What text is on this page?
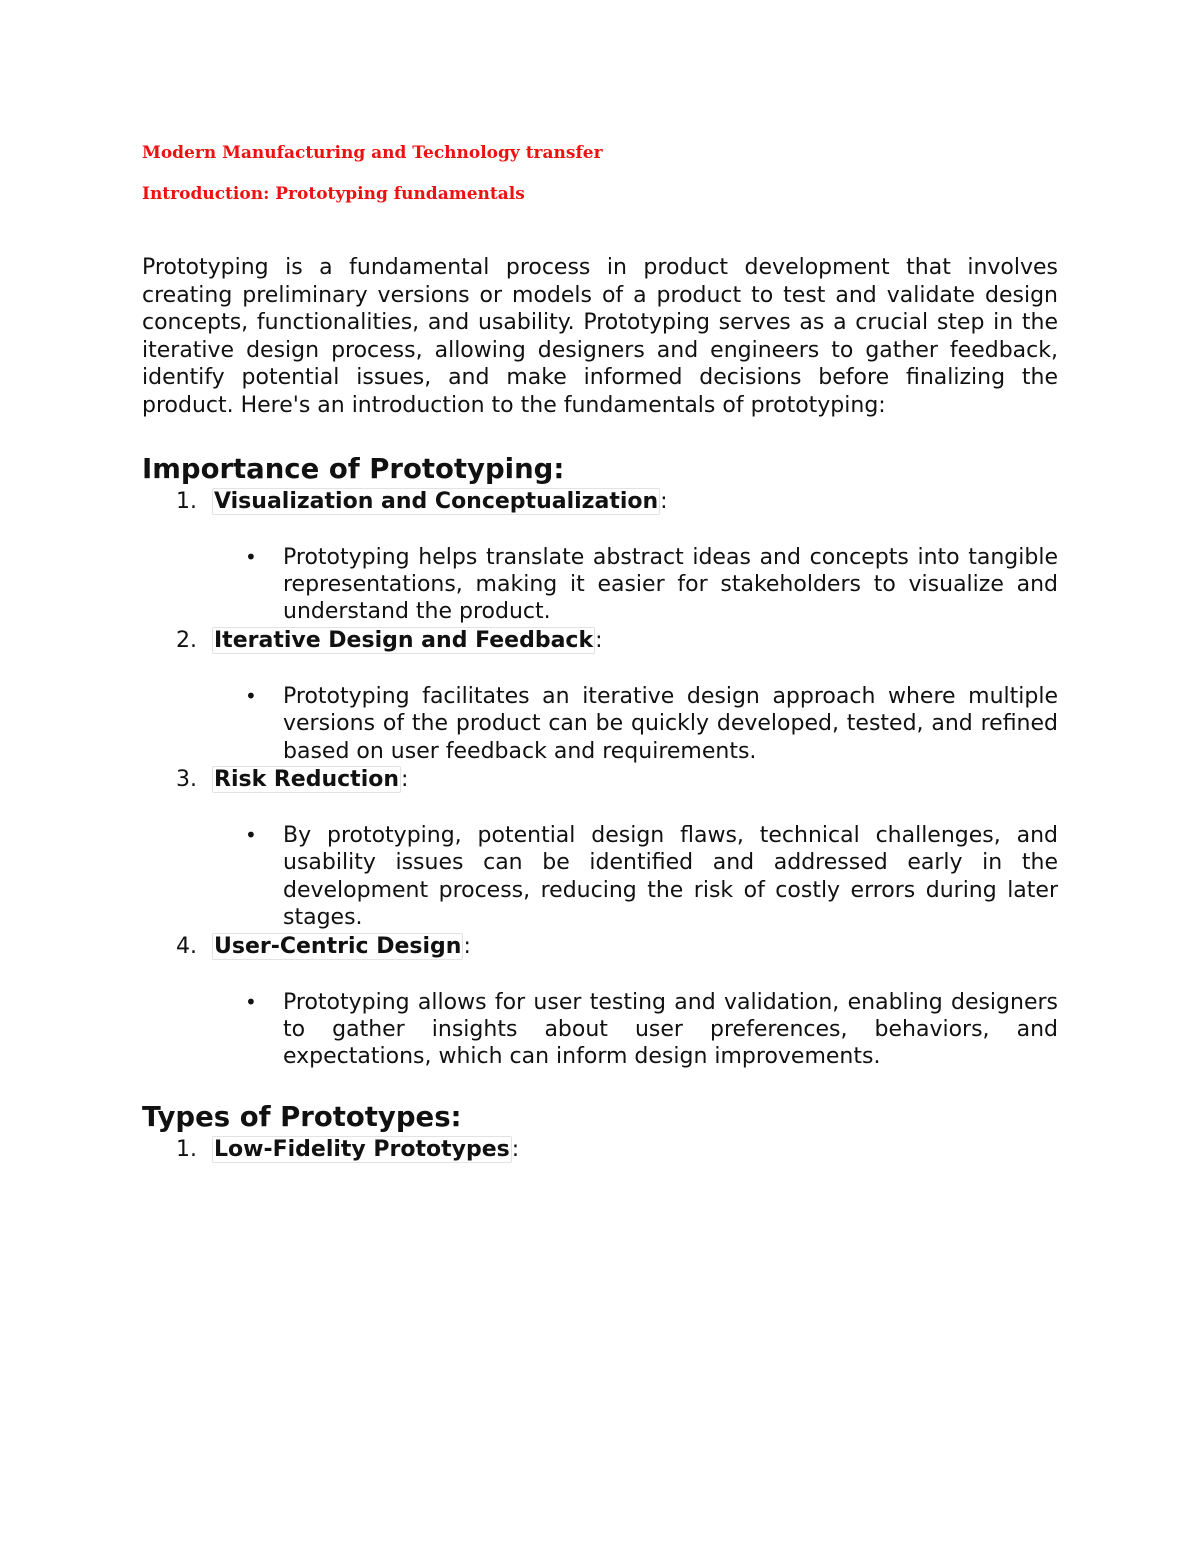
Modern Manufacturing and Technology transfer

Introduction: Prototyping fundamentals

Prototyping is a fundamental process in product development that involves creating preliminary versions or models of a product to test and validate design concepts, functionalities, and usability. Prototyping serves as a crucial step in the iterative design process, allowing designers and engineers to gather feedback, identify potential issues, and make informed decisions before finalizing the product. Here's an introduction to the fundamentals of prototyping:

Importance of Prototyping:
1. Visualization and Conceptualization:
• Prototyping helps translate abstract ideas and concepts into tangible representations, making it easier for stakeholders to visualize and understand the product.
2. Iterative Design and Feedback:
• Prototyping facilitates an iterative design approach where multiple versions of the product can be quickly developed, tested, and refined based on user feedback and requirements.
3. Risk Reduction:
• By prototyping, potential design flaws, technical challenges, and usability issues can be identified and addressed early in the development process, reducing the risk of costly errors during later stages.
4. User-Centric Design:
• Prototyping allows for user testing and validation, enabling designers to gather insights about user preferences, behaviors, and expectations, which can inform design improvements.
Types of Prototypes:
1. Low-Fidelity Prototypes:
